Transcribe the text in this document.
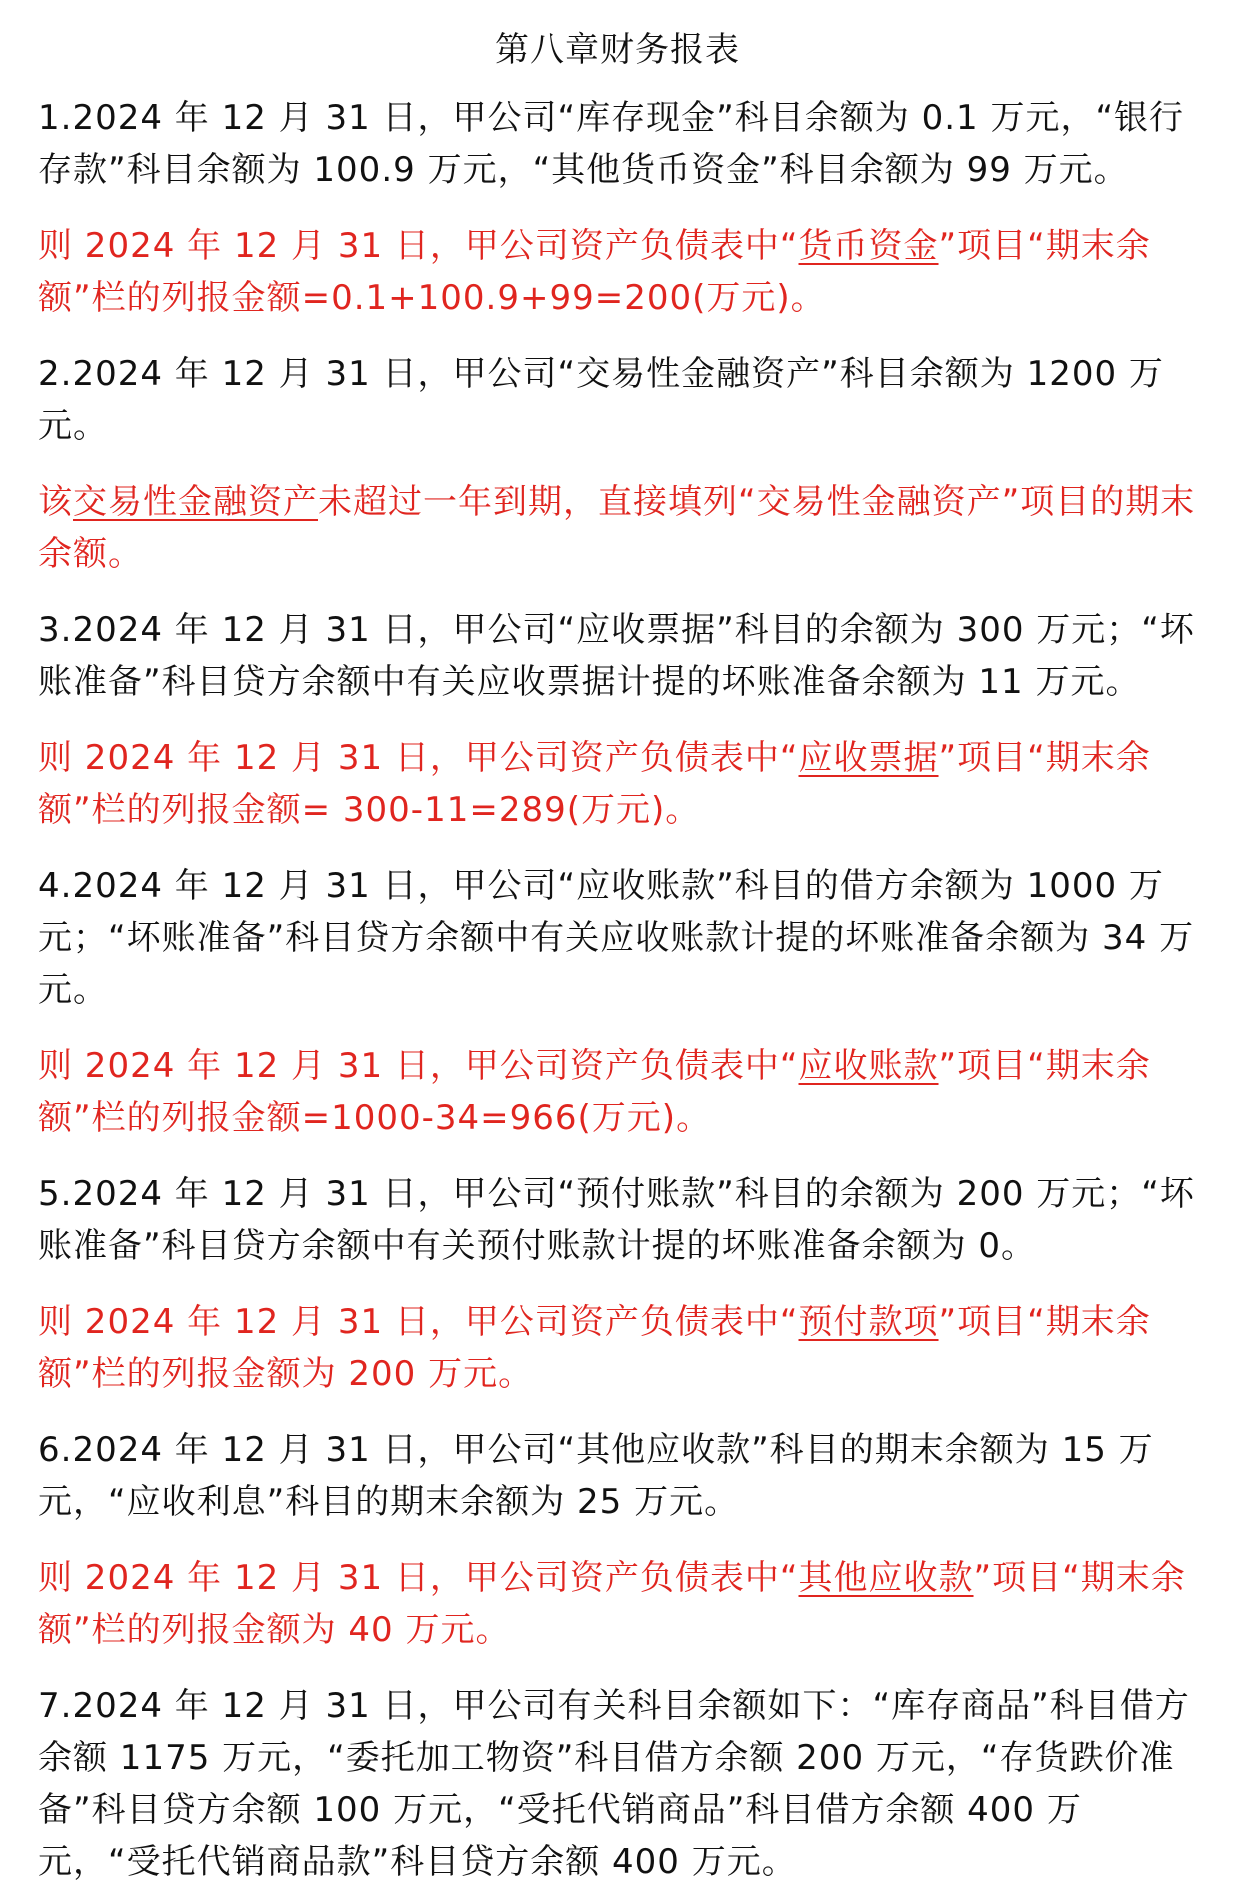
第八章财务报表

1.2024 年 12 月 31 日，甲公司“库存现金”科目余额为 0.1 万元，“银行存款”科目余额为 100.9 万元，“其他货币资金”科目余额为 99 万元。

则 2024 年 12 月 31 日，甲公司资产负债表中“货币资金”项目“期末余额”栏的列报金额=0.1+100.9+99=200(万元)。

2.2024 年 12 月 31 日，甲公司“交易性金融资产”科目余额为 1200 万元。

该交易性金融资产未超过一年到期，直接填列“交易性金融资产”项目的期末余额。

3.2024 年 12 月 31 日，甲公司“应收票据”科目的余额为 300 万元；“坏账准备”科目贷方余额中有关应收票据计提的坏账准备余额为 11 万元。

则 2024 年 12 月 31 日，甲公司资产负债表中“应收票据”项目“期末余额”栏的列报金额= 300-11=289(万元)。

4.2024 年 12 月 31 日，甲公司“应收账款”科目的借方余额为 1000 万元；“坏账准备”科目贷方余额中有关应收账款计提的坏账准备余额为 34 万元。

则 2024 年 12 月 31 日，甲公司资产负债表中“应收账款”项目“期末余额”栏的列报金额=1000-34=966(万元)。

5.2024 年 12 月 31 日，甲公司“预付账款”科目的余额为 200 万元；“坏账准备”科目贷方余额中有关预付账款计提的坏账准备余额为 0。

则 2024 年 12 月 31 日，甲公司资产负债表中“预付款项”项目“期末余额”栏的列报金额为 200 万元。

6.2024 年 12 月 31 日，甲公司“其他应收款”科目的期末余额为 15 万元，“应收利息”科目的期末余额为 25 万元。

则 2024 年 12 月 31 日，甲公司资产负债表中“其他应收款”项目“期末余额”栏的列报金额为 40 万元。

7.2024 年 12 月 31 日，甲公司有关科目余额如下：“库存商品”科目借方余额 1175 万元，“委托加工物资”科目借方余额 200 万元，“存货跌价准备”科目贷方余额 100 万元，“受托代销商品”科目借方余额 400 万元，“受托代销商品款”科目贷方余额 400 万元。
